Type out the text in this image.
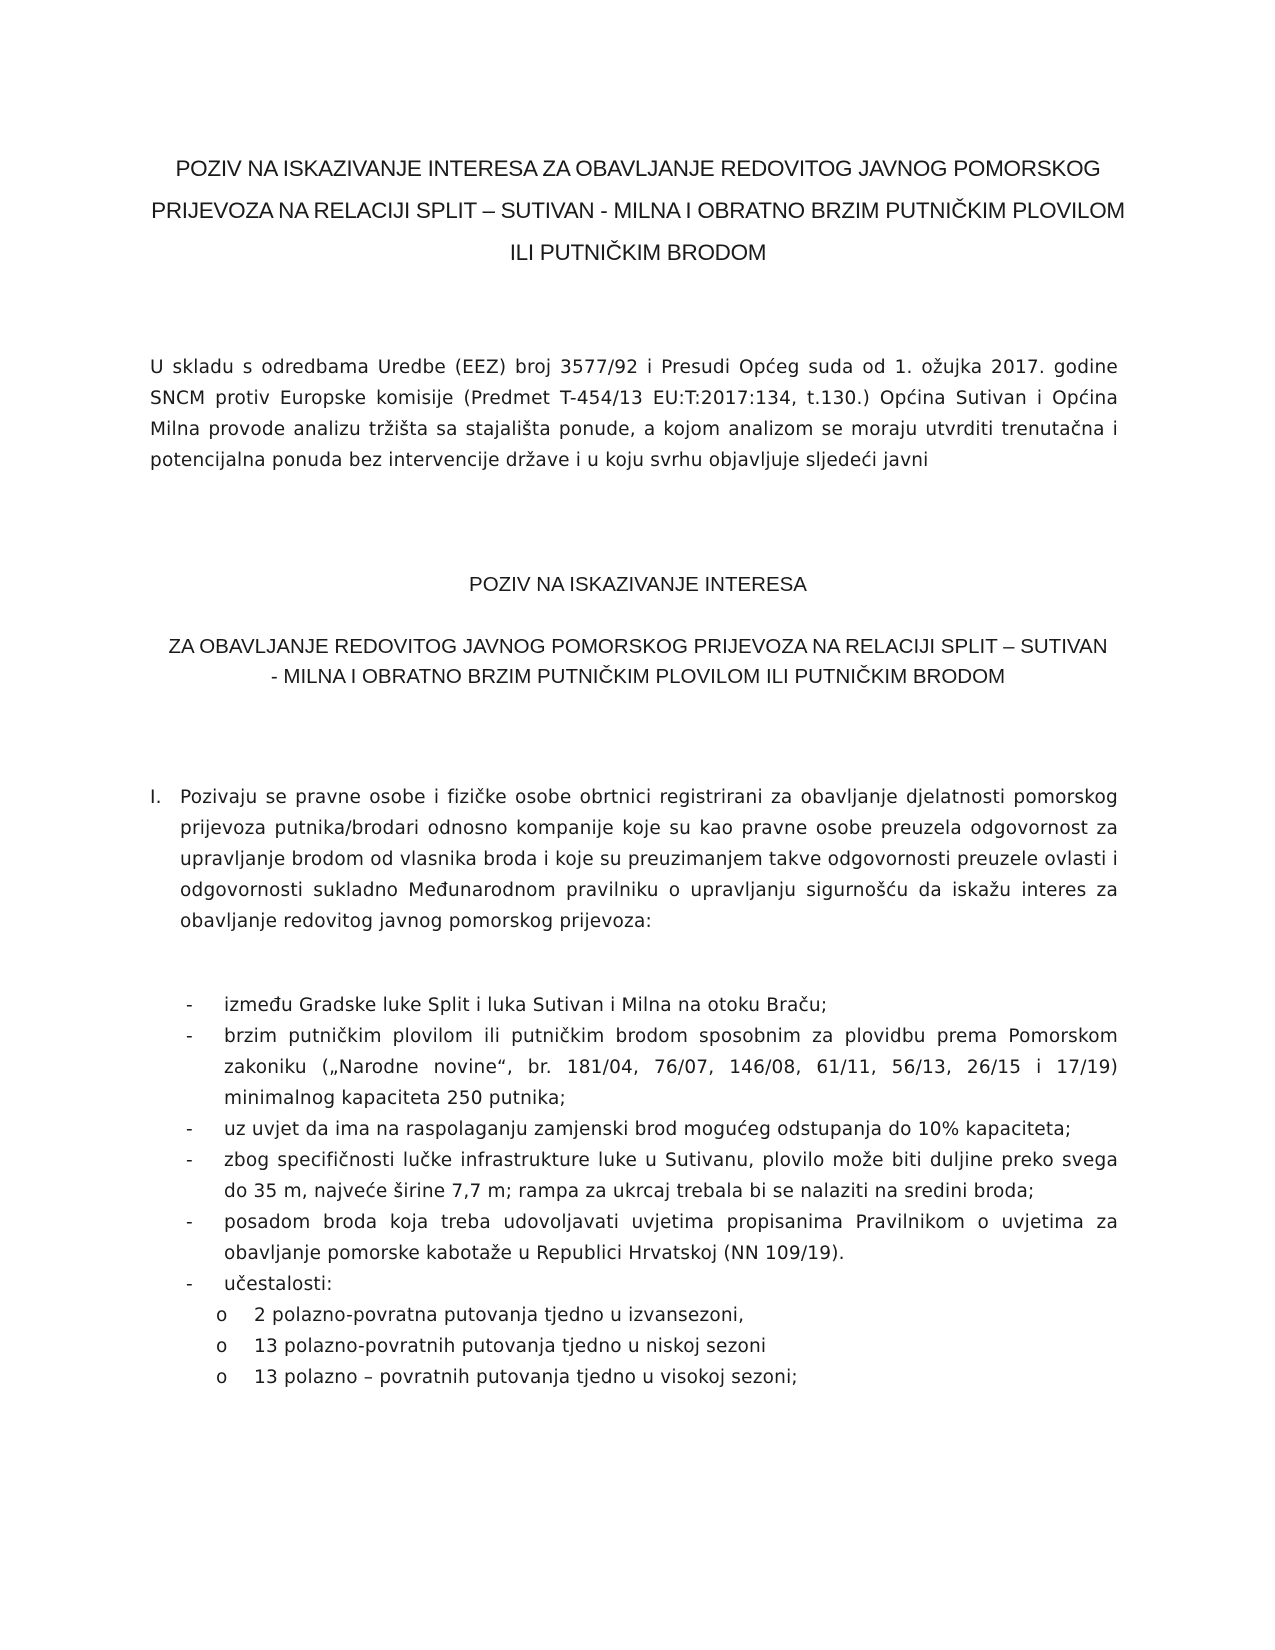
POZIV NA ISKAZIVANJE INTERESA ZA OBAVLJANJE REDOVITOG JAVNOG POMORSKOG PRIJEVOZA NA RELACIJI SPLIT – SUTIVAN - MILNA I OBRATNO BRZIM PUTNIČKIM PLOVILOM ILI PUTNIČKIM BRODOM

U skladu s odredbama Uredbe (EEZ) broj 3577/92 i Presudi Općeg suda od 1. ožujka 2017. godine SNCM protiv Europske komisije (Predmet T-454/13 EU:T:2017:134, t.130.) Općina Sutivan i Općina Milna provode analizu tržišta sa stajališta ponude, a kojom analizom se moraju utvrditi trenutačna i potencijalna ponuda bez intervencije države i u koju svrhu objavljuje sljedeći javni

POZIV NA ISKAZIVANJE INTERESA
ZA OBAVLJANJE REDOVITOG JAVNOG POMORSKOG PRIJEVOZA NA RELACIJI SPLIT – SUTIVAN - MILNA I OBRATNO BRZIM PUTNIČKIM PLOVILOM ILI PUTNIČKIM BRODOM
I. Pozivaju se pravne osobe i fizičke osobe obrtnici registrirani za obavljanje djelatnosti pomorskog prijevoza putnika/brodari odnosno kompanije koje su kao pravne osobe preuzela odgovornost za upravljanje brodom od vlasnika broda i koje su preuzimanjem takve odgovornosti preuzele ovlasti i odgovornosti sukladno Međunarodnom pravilniku o upravljanju sigurnošću da iskažu interes za obavljanje redovitog javnog pomorskog prijevoza:

-	između Gradske luke Split i luka Sutivan i Milna na otoku Braču;
-	brzim putničkim plovilom ili putničkim brodom sposobnim za plovidbu prema Pomorskom zakoniku („Narodne novine“, br. 181/04, 76/07, 146/08, 61/11, 56/13, 26/15 i 17/19) minimalnog kapaciteta 250 putnika;
-	uz uvjet da ima na raspolaganju zamjenski brod mogućeg odstupanja do 10% kapaciteta;
-	zbog specifičnosti lučke infrastrukture luke u Sutivanu, plovilo može biti duljine preko svega do 35 m, najveće širine 7,7 m; rampa za ukrcaj trebala bi se nalaziti na sredini broda;
-	posadom broda koja treba udovoljavati uvjetima propisanima Pravilnikom o uvjetima za obavljanje pomorske kabotaže u Republici Hrvatskoj (NN 109/19).
-	učestalosti:
o	2 polazno-povratna putovanja tjedno u izvansezoni,
o	13 polazno-povratnih putovanja tjedno u niskoj sezoni
o	13 polazno – povratnih putovanja tjedno u visokoj sezoni;
